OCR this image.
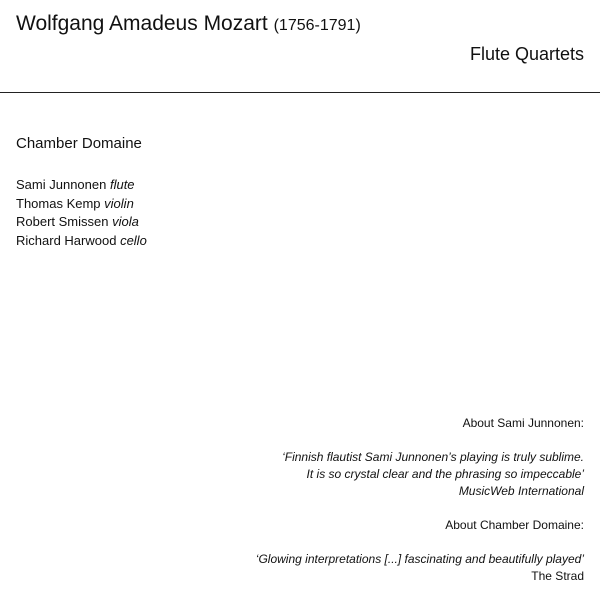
Wolfgang Amadeus Mozart (1756-1791)
Flute Quartets
Chamber Domaine
Sami Junnonen flute
Thomas Kemp violin
Robert Smissen viola
Richard Harwood cello
About Sami Junnonen:
‘Finnish flautist Sami Junnonen’s playing is truly sublime.
It is so crystal clear and the phrasing so impeccable’
MusicWeb International
About Chamber Domaine:
‘Glowing interpretations [...] fascinating and beautifully played’
The Strad
